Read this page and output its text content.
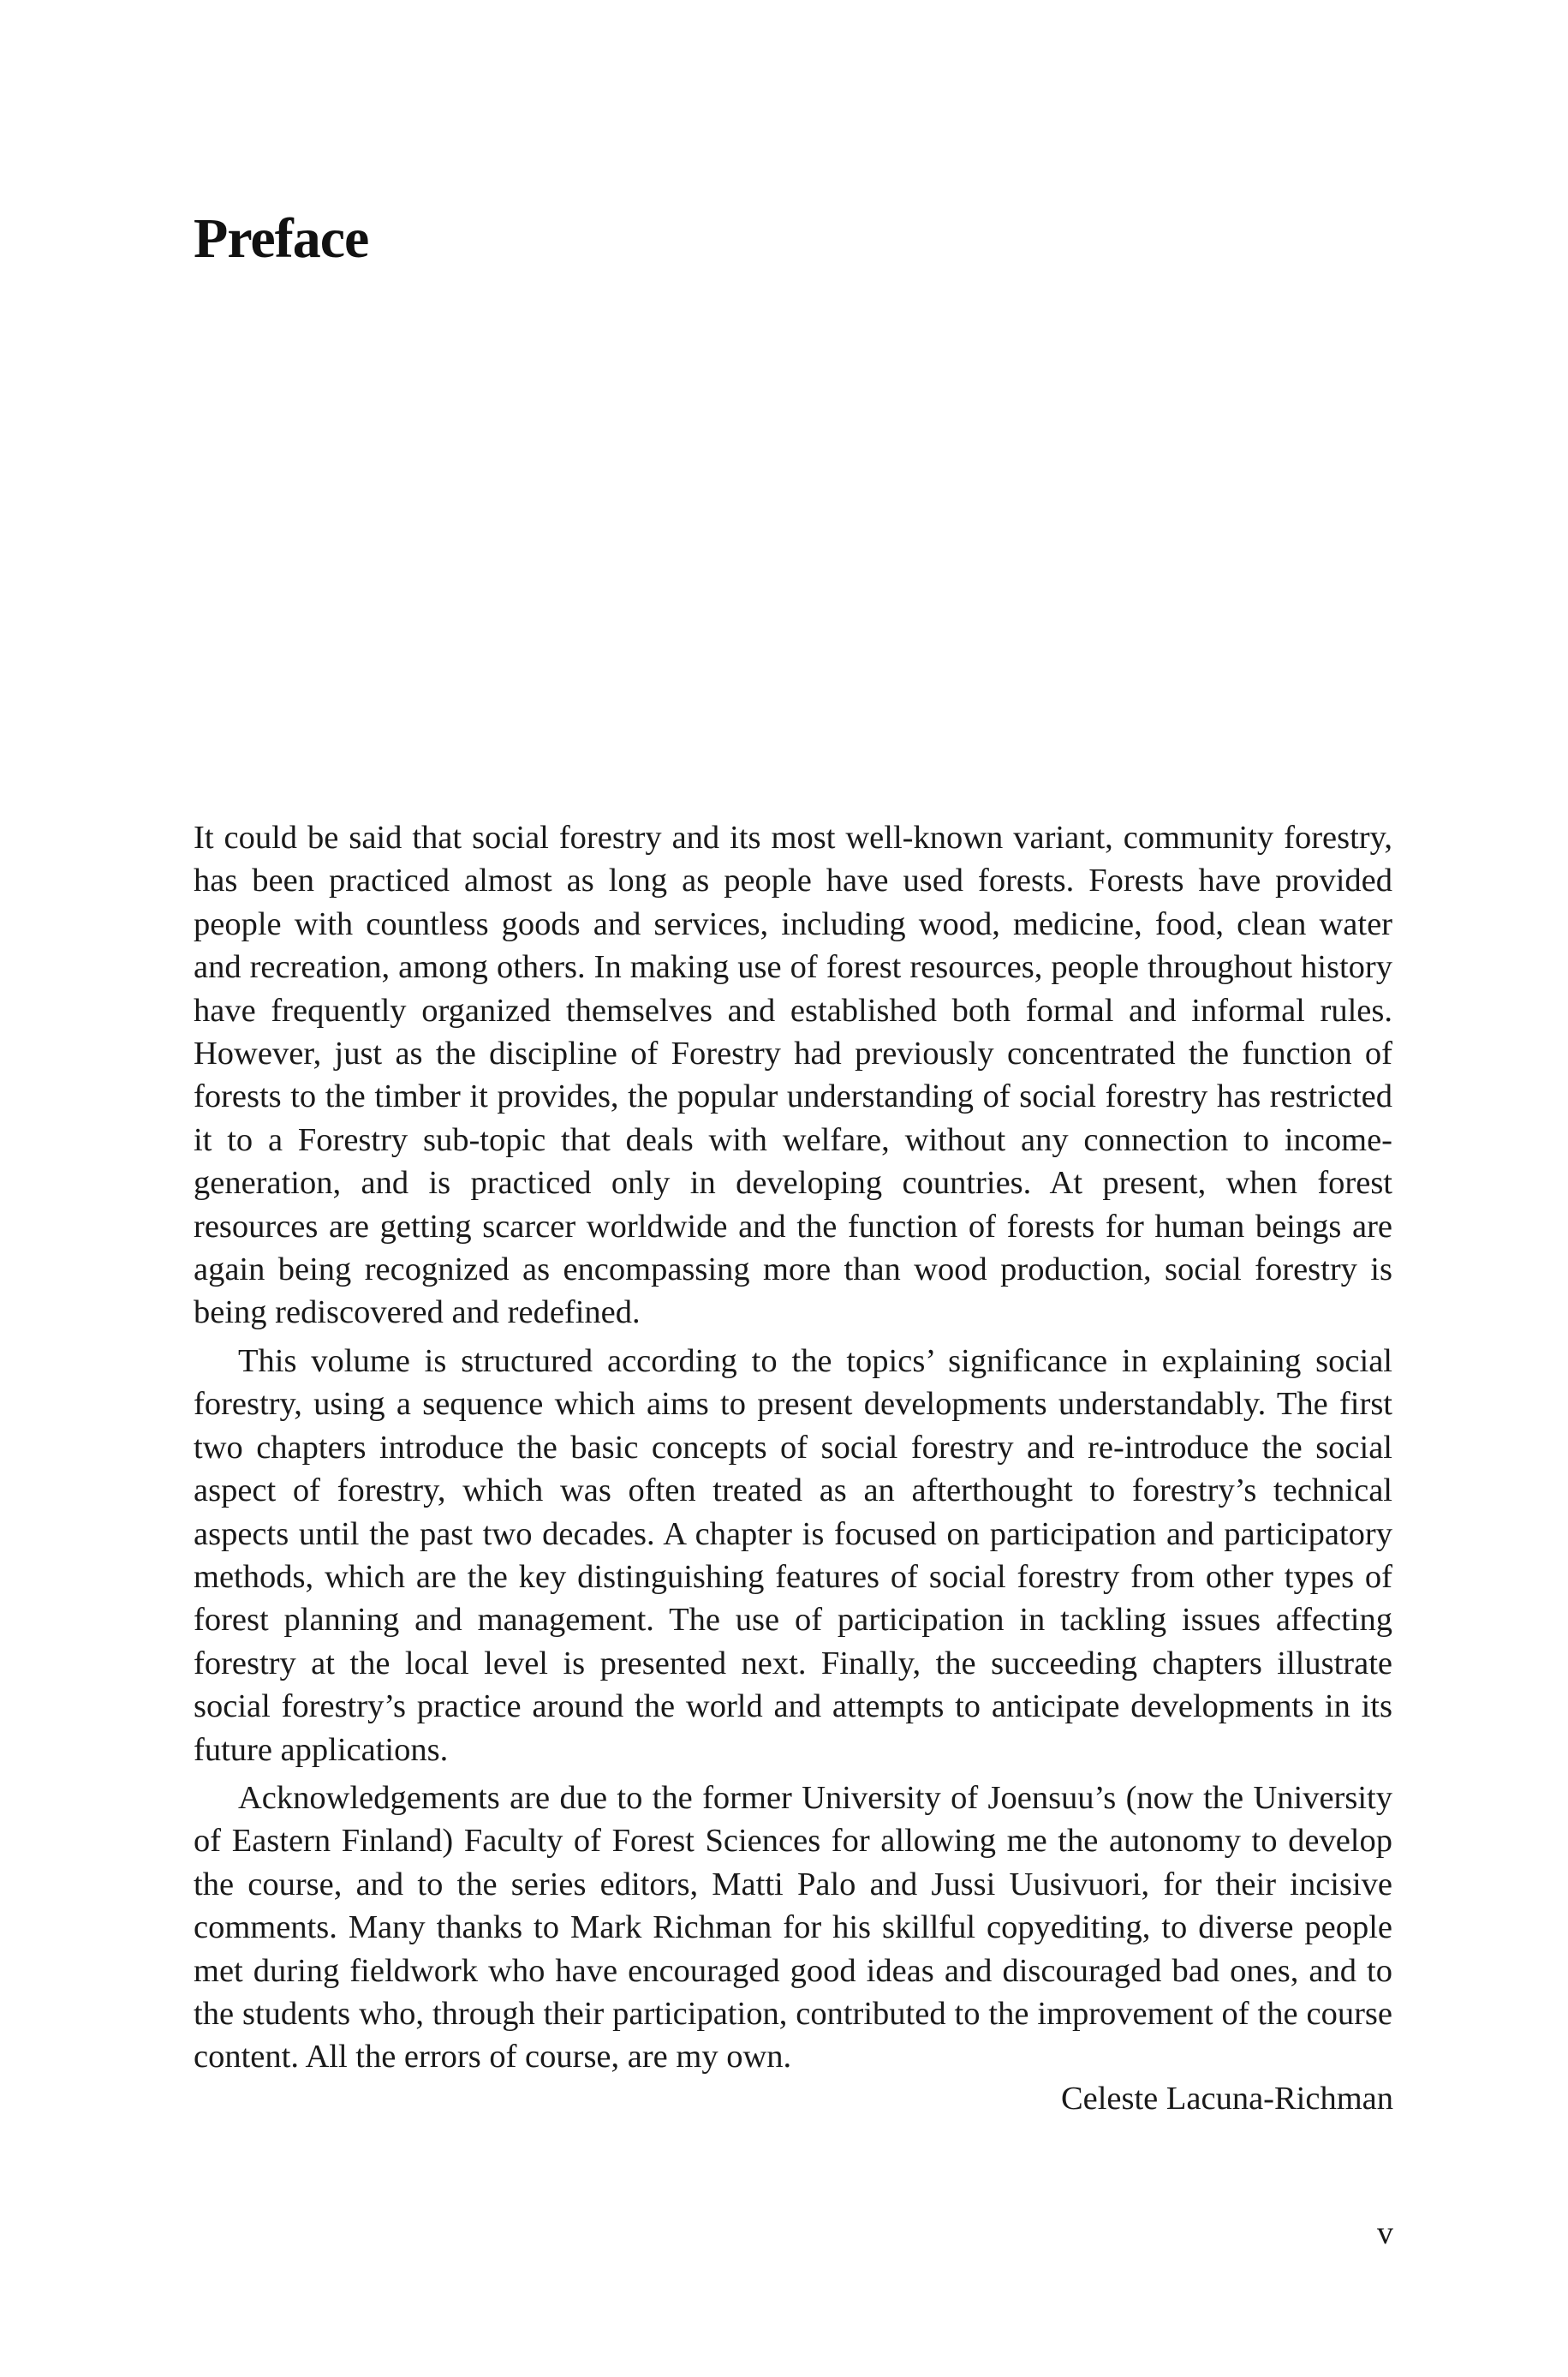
Preface

It could be said that social forestry and its most well-known variant, community forestry, has been practiced almost as long as people have used forests. Forests have provided people with countless goods and services, including wood, medicine, food, clean water and recreation, among others. In making use of forest resources, people throughout history have frequently organized themselves and established both formal and informal rules. However, just as the discipline of Forestry had previously concentrated the function of forests to the timber it provides, the popular understanding of social forestry has restricted it to a Forestry sub-topic that deals with welfare, without any connection to income-generation, and is practiced only in developing countries. At present, when forest resources are getting scarcer worldwide and the function of forests for human beings are again being recognized as encompassing more than wood production, social forestry is being rediscovered and redefined.

This volume is structured according to the topics’ significance in explaining social forestry, using a sequence which aims to present developments understandably. The first two chapters introduce the basic concepts of social forestry and re-introduce the social aspect of forestry, which was often treated as an afterthought to forestry’s technical aspects until the past two decades. A chapter is focused on participation and participatory methods, which are the key distinguishing features of social forestry from other types of forest planning and management. The use of participation in tackling issues affecting forestry at the local level is presented next. Finally, the succeeding chapters illustrate social forestry’s practice around the world and attempts to anticipate developments in its future applications.

Acknowledgements are due to the former University of Joensuu’s (now the University of Eastern Finland) Faculty of Forest Sciences for allowing me the autonomy to develop the course, and to the series editors, Matti Palo and Jussi Uusivuori, for their incisive comments. Many thanks to Mark Richman for his skillful copyediting, to diverse people met during fieldwork who have encouraged good ideas and discouraged bad ones, and to the students who, through their participation, contributed to the improvement of the course content. All the errors of course, are my own.

Celeste Lacuna-Richman

v
